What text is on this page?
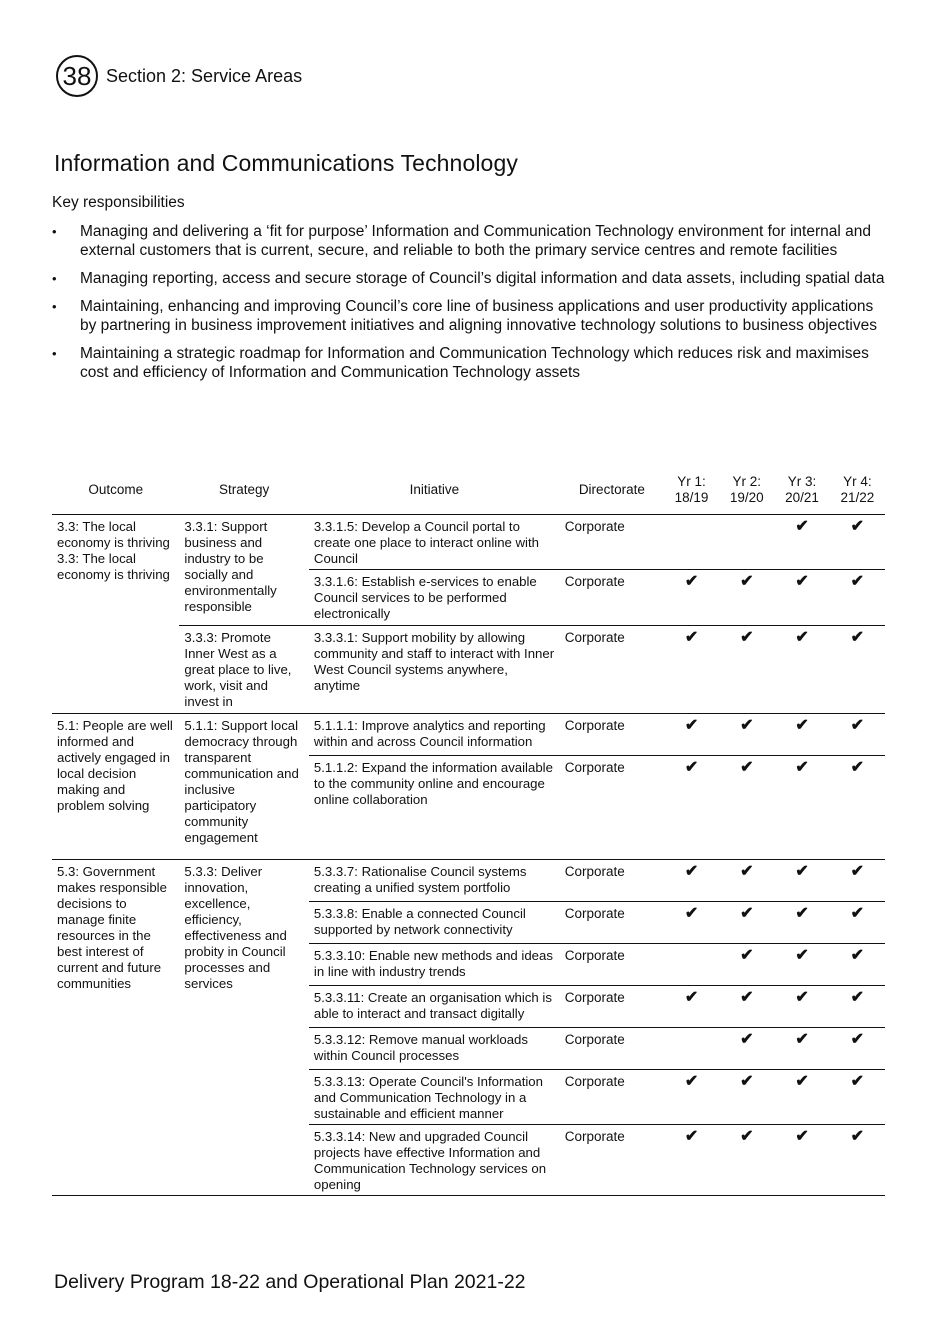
38 Section 2: Service Areas
Information and Communications Technology
Key responsibilities
• Managing and delivering a ‘fit for purpose’ Information and Communication Technology environment for internal and external customers that is current, secure, and reliable to both the primary service centres and remote facilities
• Managing reporting, access and secure storage of Council’s digital information and data assets, including spatial data
• Maintaining, enhancing and improving Council’s core line of business applications and user productivity applications by partnering in business improvement initiatives and aligning innovative technology solutions to business objectives
• Maintaining a strategic roadmap for Information and Communication Technology which reduces risk and maximises cost and efficiency of Information and Communication Technology assets
Outcome	Strategy	Initiative	Directorate	Yr 1: 18/19	Yr 2: 19/20	Yr 3: 20/21	Yr 4: 21/22
3.3: The local economy is thriving 3.3: The local economy is thriving	3.3.1: Support business and industry to be socially and environmentally responsible	3.3.1.5: Develop a Council portal to create one place to interact online with Council	Corporate			✔	✔
		3.3.1.6: Establish e-services to enable Council services to be performed electronically	Corporate	✔	✔	✔	✔
	3.3.3: Promote Inner West as a great place to live, work, visit and invest in	3.3.3.1: Support mobility by allowing community and staff to interact with Inner West Council systems anywhere, anytime	Corporate	✔	✔	✔	✔
5.1: People are well informed and actively engaged in local decision making and problem solving	5.1.1: Support local democracy through transparent communication and inclusive participatory community engagement	5.1.1.1: Improve analytics and reporting within and across Council information	Corporate	✔	✔	✔	✔
		5.1.1.2: Expand the information available to the community online and encourage online collaboration	Corporate	✔	✔	✔	✔
5.3: Government makes responsible decisions to manage finite resources in the best interest of current and future communities	5.3.3: Deliver innovation, excellence, efficiency, effectiveness and probity in Council processes and services	5.3.3.7: Rationalise Council systems creating a unified system portfolio	Corporate	✔	✔	✔	✔
		5.3.3.8: Enable a connected Council supported by network connectivity	Corporate	✔	✔	✔	✔
		5.3.3.10: Enable new methods and ideas in line with industry trends	Corporate		✔	✔	✔
		5.3.3.11: Create an organisation which is able to interact and transact digitally	Corporate	✔	✔	✔	✔
		5.3.3.12: Remove manual workloads within Council processes	Corporate		✔	✔	✔
		5.3.3.13: Operate Council's Information and Communication Technology in a sustainable and efficient manner	Corporate	✔	✔	✔	✔
		5.3.3.14: New and upgraded Council projects have effective Information and Communication Technology services on opening	Corporate	✔	✔	✔	✔
Delivery Program 18-22 and Operational Plan 2021-22
